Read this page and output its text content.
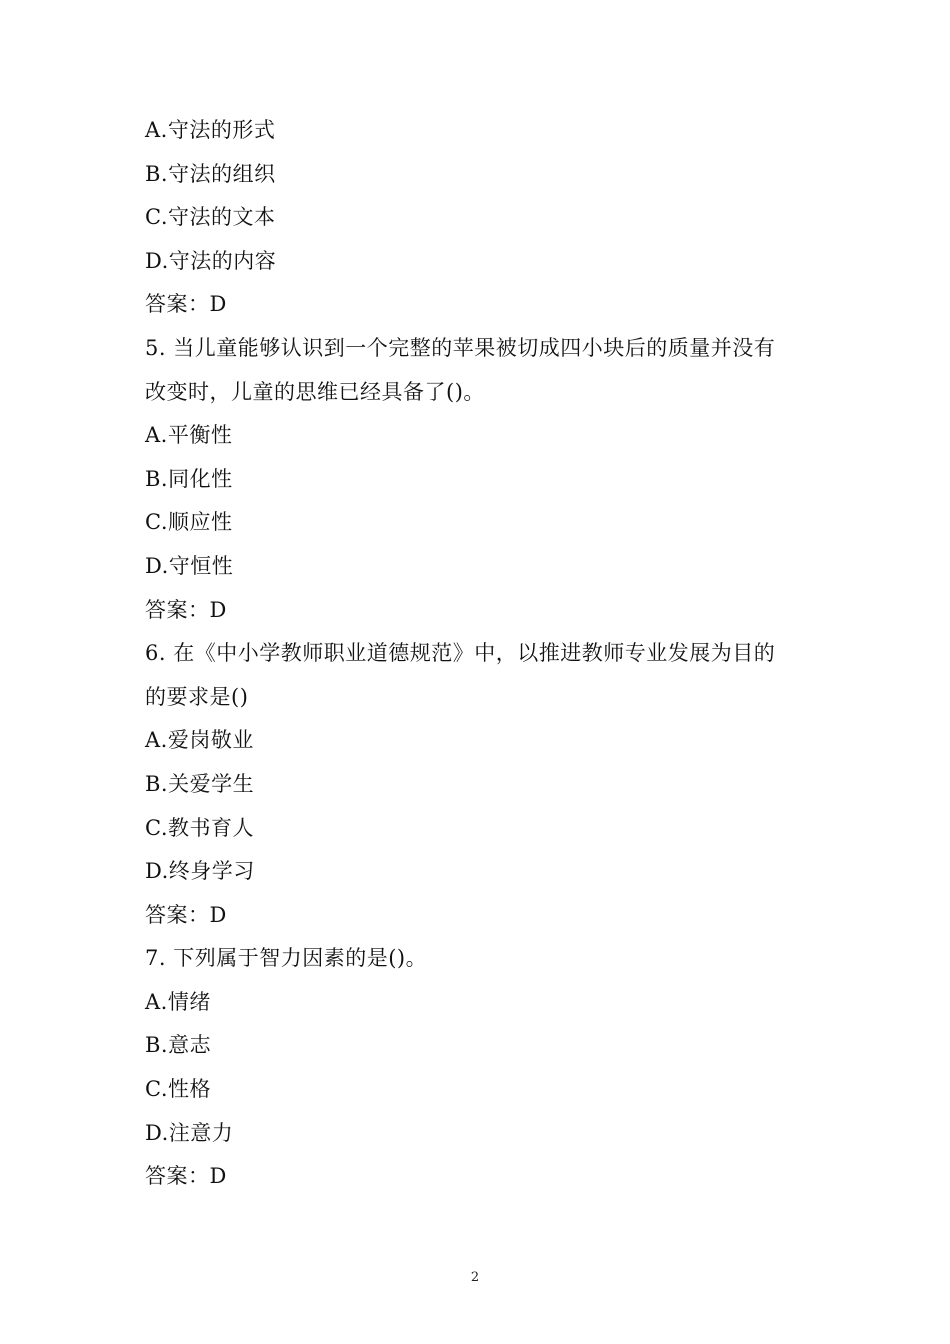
A.守法的形式
B.守法的组织
C.守法的文本
D.守法的内容
答案：D
5. 当儿童能够认识到一个完整的苹果被切成四小块后的质量并没有
改变时，儿童的思维已经具备了()。
A.平衡性
B.同化性
C.顺应性
D.守恒性
答案：D
6. 在《中小学教师职业道德规范》中，以推进教师专业发展为目的
的要求是()
A.爱岗敬业
B.关爱学生
C.教书育人
D.终身学习
答案：D
7. 下列属于智力因素的是()。
A.情绪
B.意志
C.性格
D.注意力
答案：D
2
